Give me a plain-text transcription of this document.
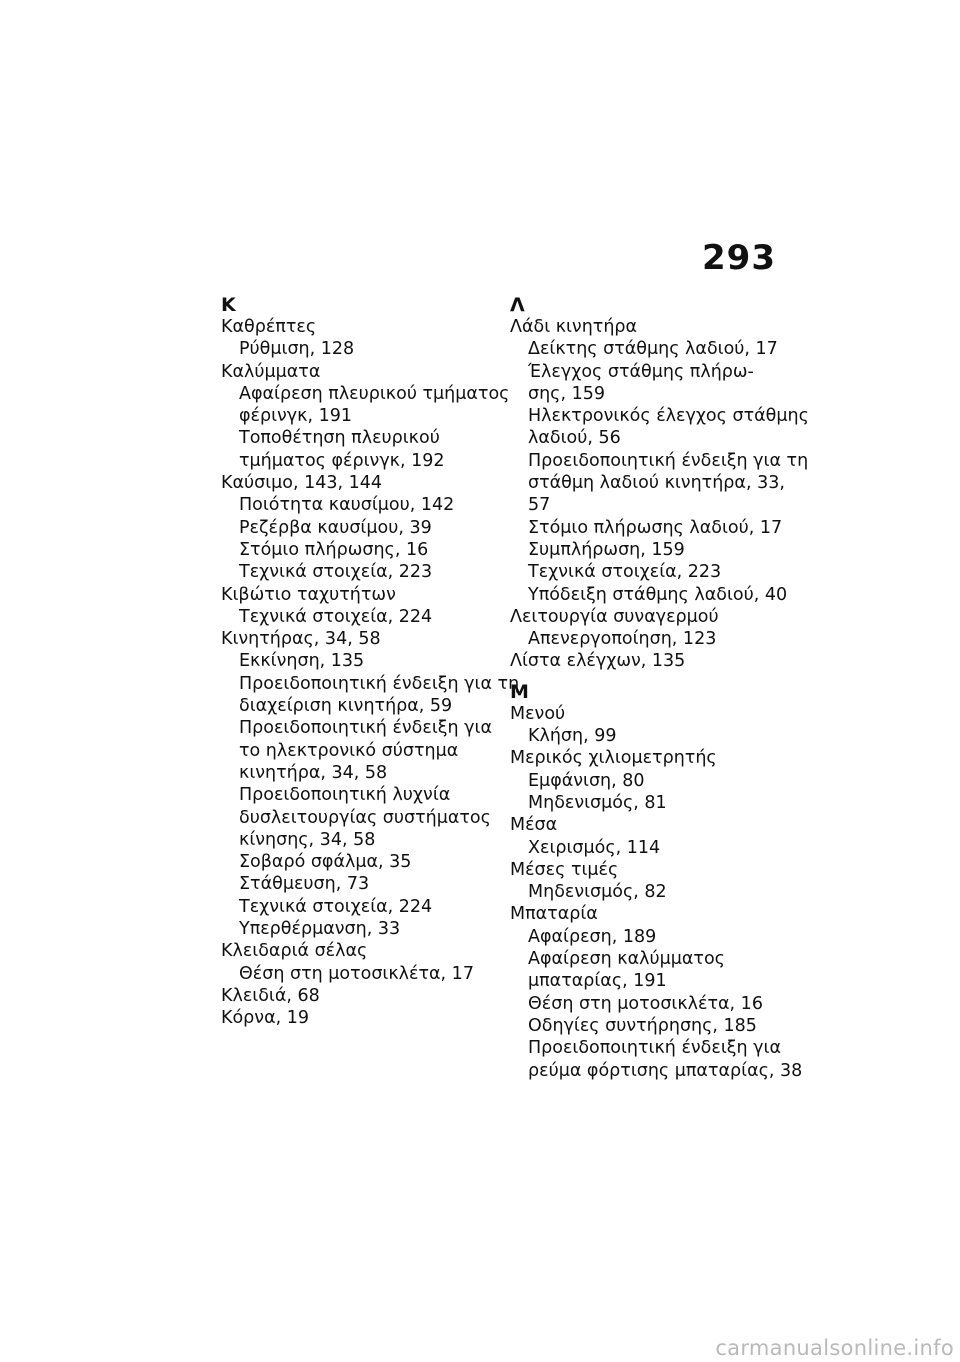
293
K
Καθρέπτες
Ρύθμιση, 128
Καλύμματα
Αφαίρεση πλευρικού τμήματος
φέρινγκ, 191
Τοποθέτηση πλευρικού
τμήματος φέρινγκ, 192
Καύσιμο, 143, 144
Ποιότητα καυσίμου, 142
Ρεζέρβα καυσίμου, 39
Στόμιο πλήρωσης, 16
Τεχνικά στοιχεία, 223
Κιβώτιο ταχυτήτων
Τεχνικά στοιχεία, 224
Κινητήρας, 34, 58
Εκκίνηση, 135
Προειδοποιητική ένδειξη για τη
διαχείριση κινητήρα, 59
Προειδοποιητική ένδειξη για
το ηλεκτρονικό σύστημα
κινητήρα, 34, 58
Προειδοποιητική λυχνία
δυσλειτουργίας συστήματος
κίνησης, 34, 58
Σοβαρό σφάλμα, 35
Στάθμευση, 73
Τεχνικά στοιχεία, 224
Υπερθέρμανση, 33
Κλειδαριά σέλας
Θέση στη μοτοσικλέτα, 17
Κλειδιά, 68
Κόρνα, 19
Λ
Λάδι κινητήρα
Δείκτης στάθμης λαδιού, 17
Έλεγχος στάθμης πλήρω-
σης, 159
Ηλεκτρονικός έλεγχος στάθμης
λαδιού, 56
Προειδοποιητική ένδειξη για τη
στάθμη λαδιού κινητήρα, 33,
57
Στόμιο πλήρωσης λαδιού, 17
Συμπλήρωση, 159
Τεχνικά στοιχεία, 223
Υπόδειξη στάθμης λαδιού, 40
Λειτουργία συναγερμού
Απενεργοποίηση, 123
Λίστα ελέγχων, 135
M
Μενού
Κλήση, 99
Μερικός χιλιομετρητής
Εμφάνιση, 80
Μηδενισμός, 81
Μέσα
Χειρισμός, 114
Μέσες τιμές
Μηδενισμός, 82
Μπαταρία
Αφαίρεση, 189
Αφαίρεση καλύμματος
μπαταρίας, 191
Θέση στη μοτοσικλέτα, 16
Οδηγίες συντήρησης, 185
Προειδοποιητική ένδειξη για
ρεύμα φόρτισης μπαταρίας, 38
carmanualsonline.info
